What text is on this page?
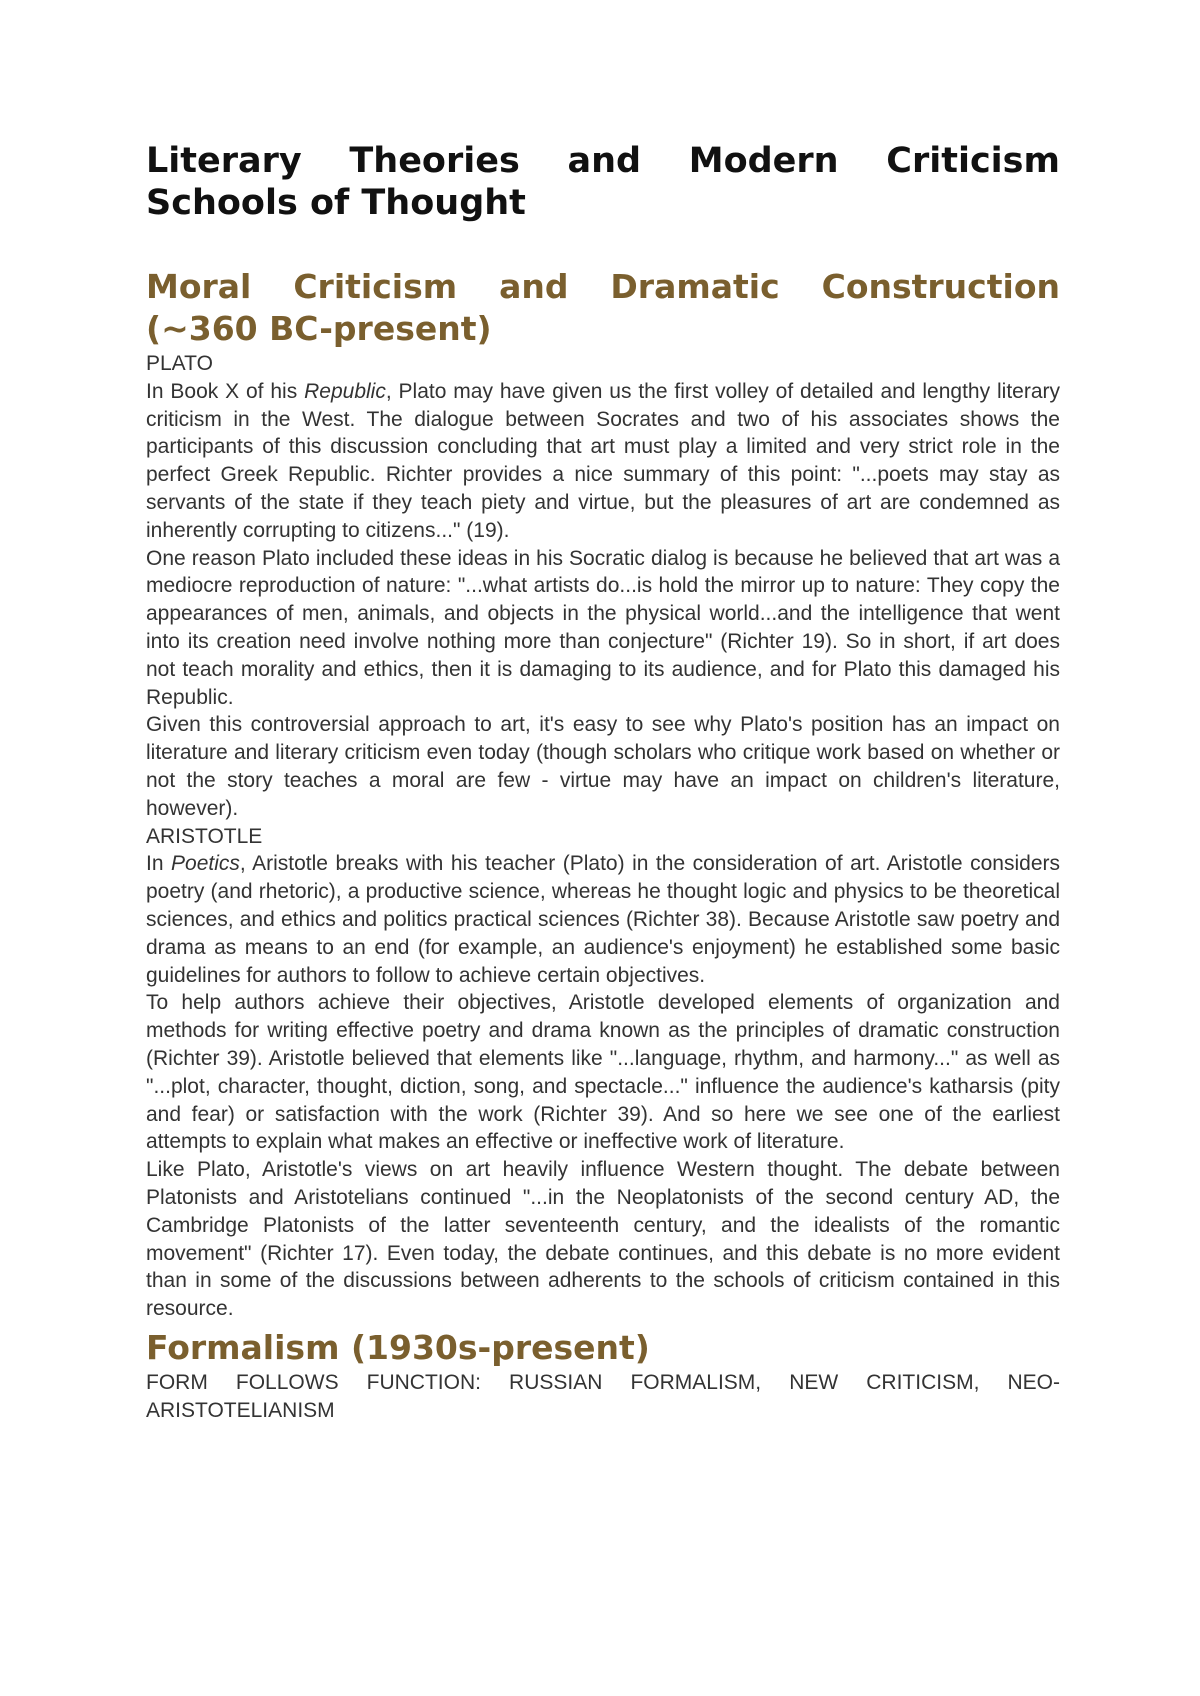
Literary Theories and Modern Criticism Schools of Thought
Moral Criticism and Dramatic Construction (~360 BC-present)

PLATO

In Book X of his Republic, Plato may have given us the first volley of detailed and lengthy literary criticism in the West. The dialogue between Socrates and two of his associates shows the participants of this discussion concluding that art must play a limited and very strict role in the perfect Greek Republic. Richter provides a nice summary of this point: "...poets may stay as servants of the state if they teach piety and virtue, but the pleasures of art are condemned as inherently corrupting to citizens..." (19).

One reason Plato included these ideas in his Socratic dialog is because he believed that art was a mediocre reproduction of nature: "...what artists do...is hold the mirror up to nature: They copy the appearances of men, animals, and objects in the physical world...and the intelligence that went into its creation need involve nothing more than conjecture" (Richter 19). So in short, if art does not teach morality and ethics, then it is damaging to its audience, and for Plato this damaged his Republic.

Given this controversial approach to art, it's easy to see why Plato's position has an impact on literature and literary criticism even today (though scholars who critique work based on whether or not the story teaches a moral are few - virtue may have an impact on children's literature, however).

ARISTOTLE

In Poetics, Aristotle breaks with his teacher (Plato) in the consideration of art. Aristotle considers poetry (and rhetoric), a productive science, whereas he thought logic and physics to be theoretical sciences, and ethics and politics practical sciences (Richter 38). Because Aristotle saw poetry and drama as means to an end (for example, an audience's enjoyment) he established some basic guidelines for authors to follow to achieve certain objectives.

To help authors achieve their objectives, Aristotle developed elements of organization and methods for writing effective poetry and drama known as the principles of dramatic construction (Richter 39). Aristotle believed that elements like "...language, rhythm, and harmony..." as well as "...plot, character, thought, diction, song, and spectacle..." influence the audience's katharsis (pity and fear) or satisfaction with the work (Richter 39). And so here we see one of the earliest attempts to explain what makes an effective or ineffective work of literature.

Like Plato, Aristotle's views on art heavily influence Western thought. The debate between Platonists and Aristotelians continued "...in the Neoplatonists of the second century AD, the Cambridge Platonists of the latter seventeenth century, and the idealists of the romantic movement" (Richter 17). Even today, the debate continues, and this debate is no more evident than in some of the discussions between adherents to the schools of criticism contained in this resource.

Formalism (1930s-present)

FORM FOLLOWS FUNCTION: RUSSIAN FORMALISM, NEW CRITICISM, NEO-ARISTOTELIANISM
